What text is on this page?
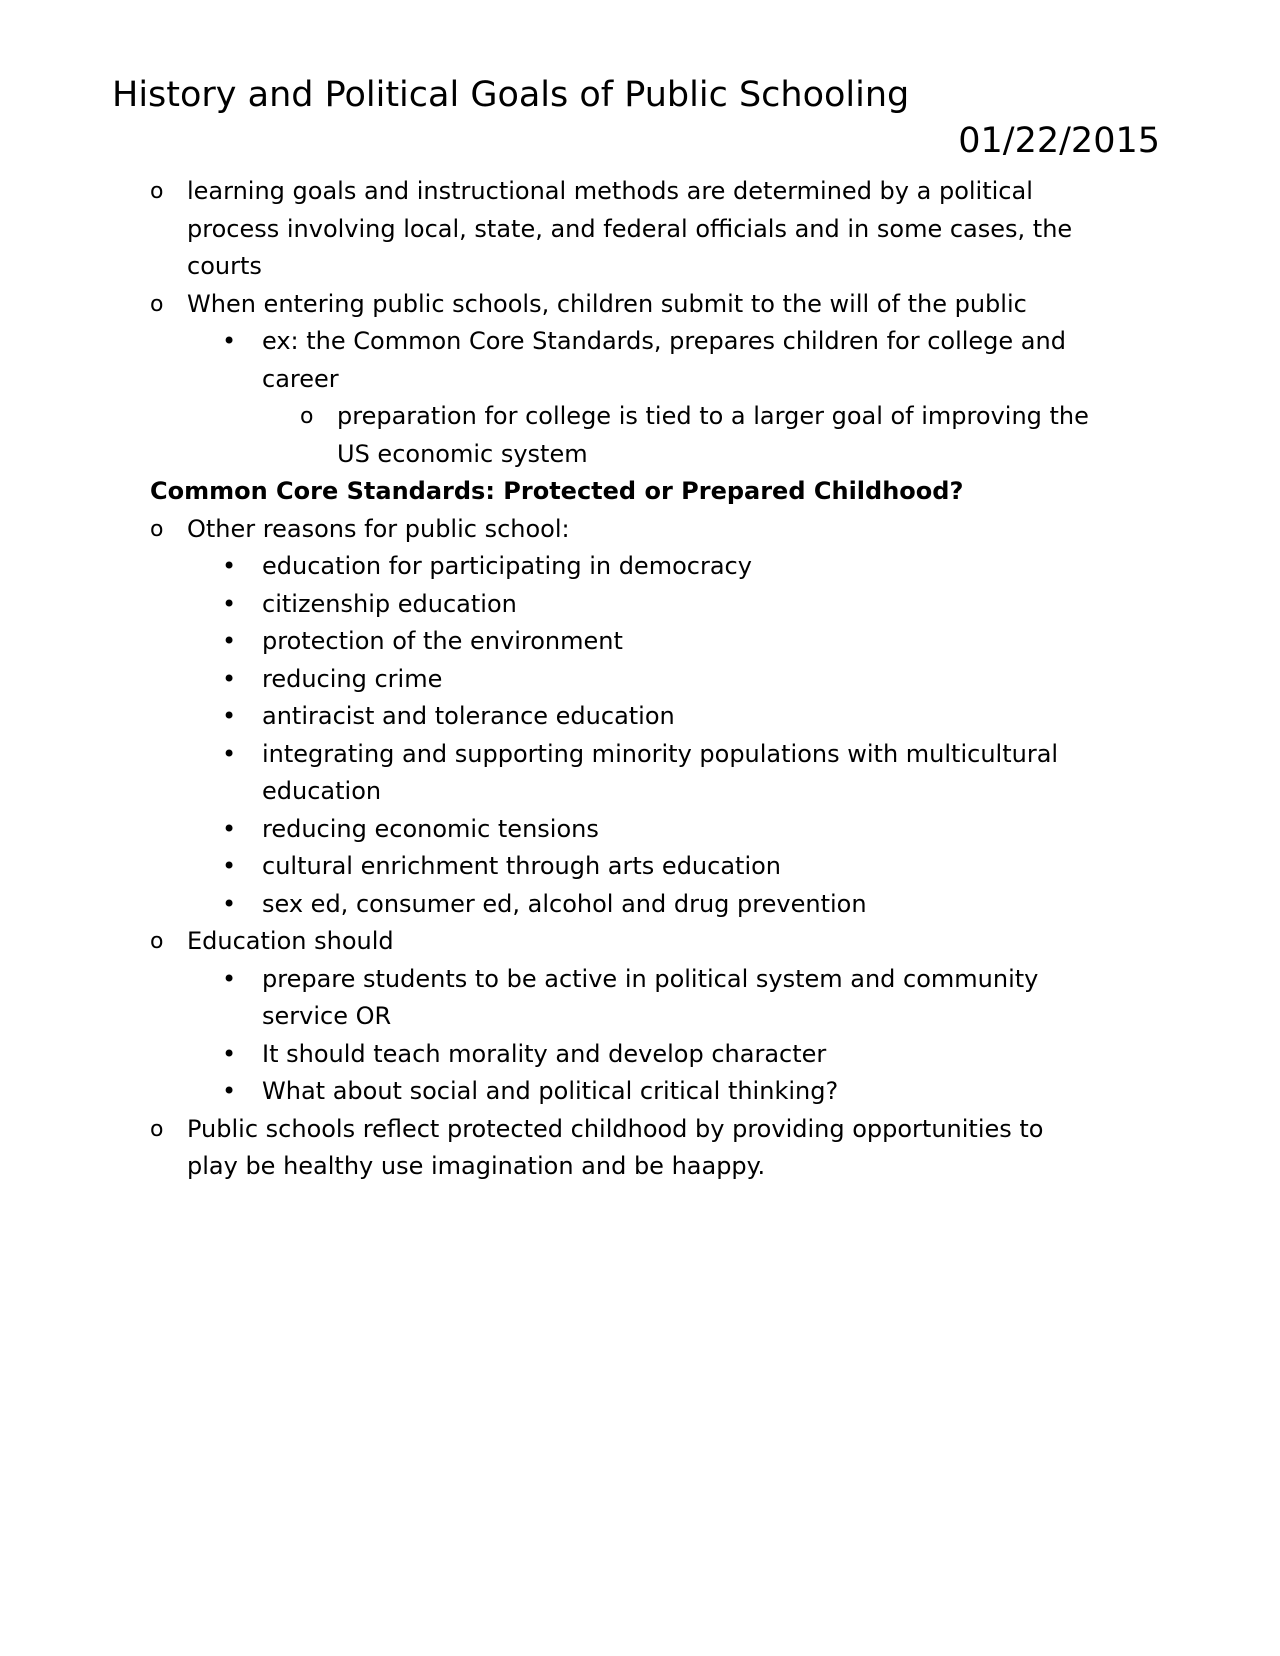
History and Political Goals of Public Schooling
01/22/2015
o learning goals and instructional methods are determined by a political
process involving local, state, and federal officials and in some cases, the
courts
o When entering public schools, children submit to the will of the public
• ex: the Common Core Standards, prepares children for college and
career
o preparation for college is tied to a larger goal of improving the
US economic system
Common Core Standards: Protected or Prepared Childhood?
o Other reasons for public school:
• education for participating in democracy
• citizenship education
• protection of the environment
• reducing crime
• antiracist and tolerance education
• integrating and supporting minority populations with multicultural
education
• reducing economic tensions
• cultural enrichment through arts education
• sex ed, consumer ed, alcohol and drug prevention
o Education should
• prepare students to be active in political system and community
service OR
• It should teach morality and develop character
• What about social and political critical thinking?
o Public schools reflect protected childhood by providing opportunities to
play be healthy use imagination and be haappy.
